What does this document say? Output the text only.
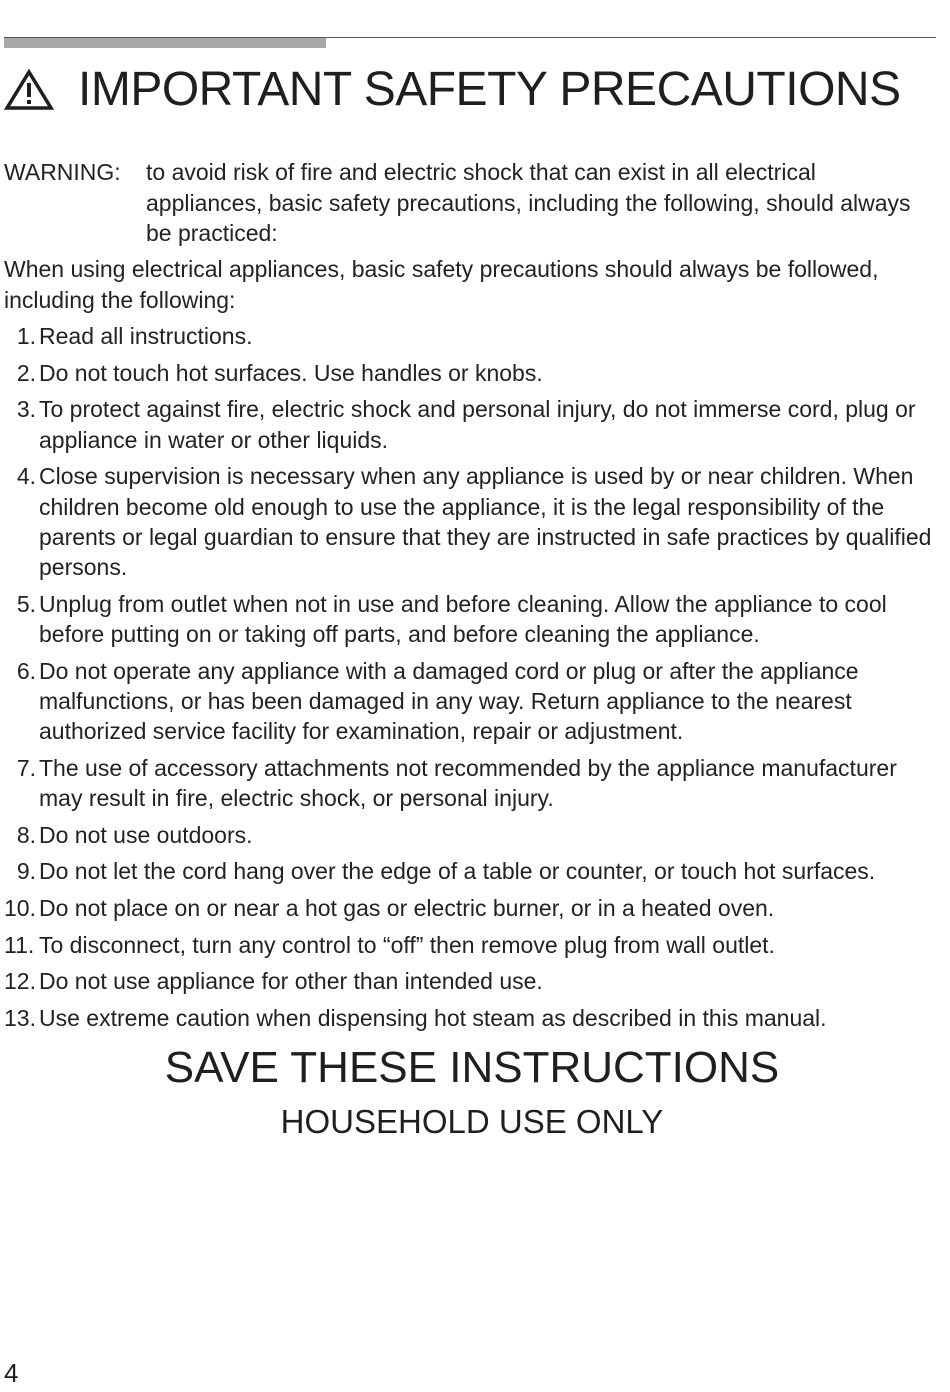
IMPORTANT SAFETY PRECAUTIONS
WARNING:	to avoid risk of fire and electric shock that can exist in all electrical appliances, basic safety precautions, including the following, should always be practiced:
When using electrical appliances, basic safety precautions should always be followed, including the following:
1. Read all instructions.
2. Do not touch hot surfaces. Use handles or knobs.
3. To protect against fire, electric shock and personal injury, do not immerse cord, plug or appliance in water or other liquids.
4. Close supervision is necessary when any appliance is used by or near children. When children become old enough to use the appliance, it is the legal responsibility of the parents or legal guardian to ensure that they are instructed in safe practices by qualified persons.
5. Unplug from outlet when not in use and before cleaning. Allow the appliance to cool before putting on or taking off parts, and before cleaning the appliance.
6. Do not operate any appliance with a damaged cord or plug or after the appliance malfunctions, or has been damaged in any way. Return appliance to the nearest authorized service facility for examination, repair or adjustment.
7. The use of accessory attachments not recommended by the appliance manufacturer may result in fire, electric shock, or personal injury.
8. Do not use outdoors.
9. Do not let the cord hang over the edge of a table or counter, or touch hot surfaces.
10. Do not place on or near a hot gas or electric burner, or in a heated oven.
11. To disconnect, turn any control to “off” then remove plug from wall outlet.
12. Do not use appliance for other than intended use.
13. Use extreme caution when dispensing hot steam as described in this manual.
SAVE THESE INSTRUCTIONS
HOUSEHOLD USE ONLY
4
